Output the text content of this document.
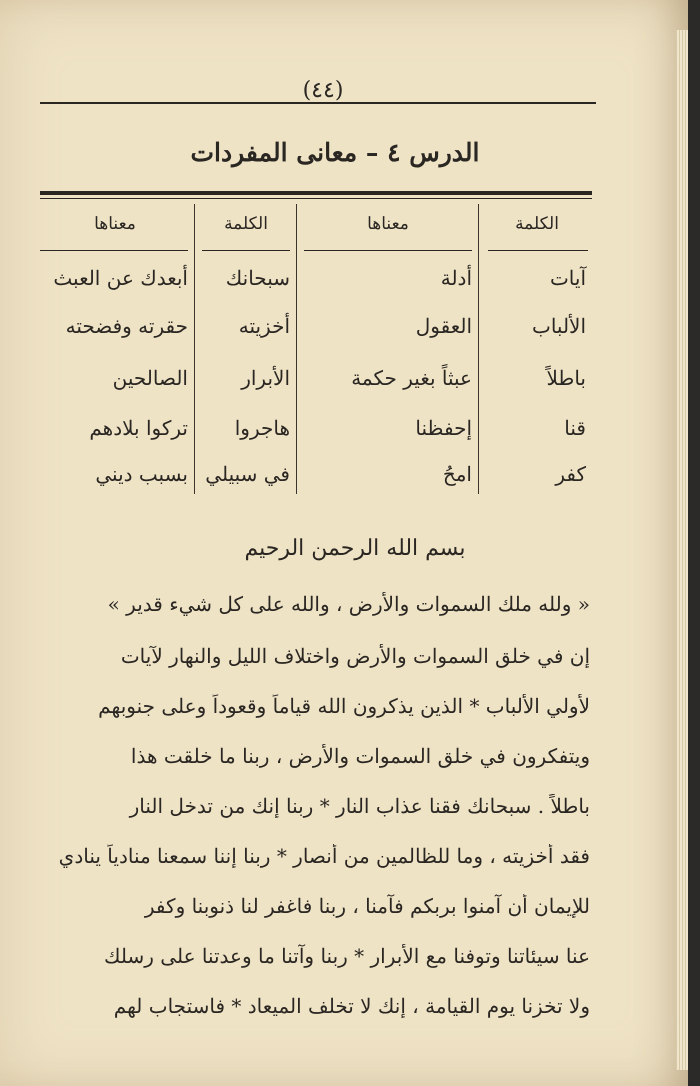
(٤٤)
الدرس ٤ – معانى المفردات
الكلمة
معناها
الكلمة
معناها
آيات
أدلة
سبحانك
أبعدك عن العبث
الألباب
العقول
أخزيته
حقرته وفضحته
باطلاً
عبثاً بغير حكمة
الأبرار
الصالحين
قنا
إحفظنا
هاجروا
تركوا بلادهم
كفر
امحُ
في سبيلي
بسبب ديني
بسم الله الرحمن الرحيم
« ولله ملك السموات والأرض ، والله على كل شيء قدير »
إن في خلق السموات والأرض واختلاف الليل والنهار لآيات
لأولي الألباب * الذين يذكرون الله قياماً وقعوداً وعلى جنوبهم
ويتفكرون في خلق السموات والأرض ، ربنا ما خلقت هذا
باطلاً . سبحانك فقنا عذاب النار * ربنا إنك من تدخل النار
فقد أخزيته ، وما للظالمين من أنصار * ربنا إننا سمعنا منادياً ينادي
للإيمان أن آمنوا بربكم فآمنا ، ربنا فاغفر لنا ذنوبنا وكفر
عنا سيئاتنا وتوفنا مع الأبرار * ربنا وآتنا ما وعدتنا على رسلك
ولا تخزنا يوم القيامة ، إنك لا تخلف الميعاد * فاستجاب لهم
